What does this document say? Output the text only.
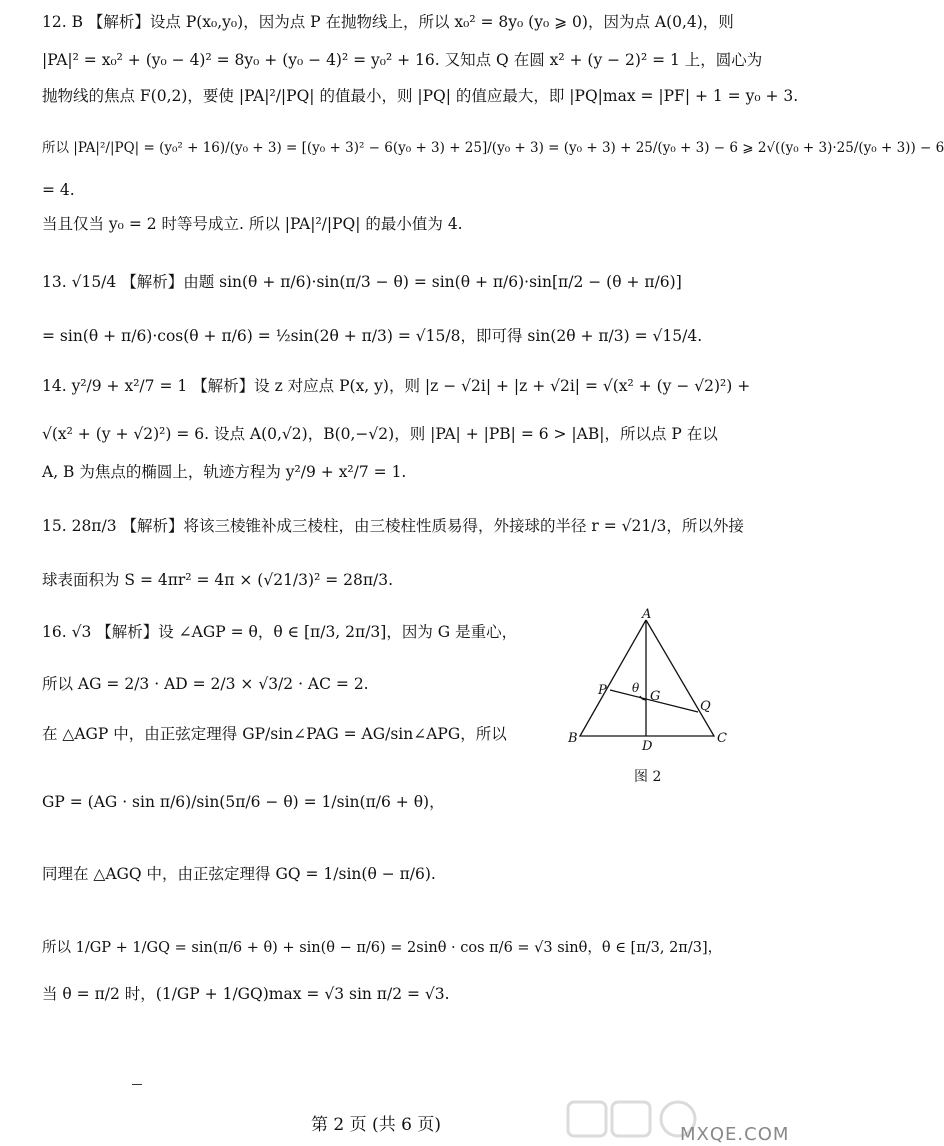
12. B 【解析】设点 P(x₀,y₀)，因为点 P 在抛物线上，所以 x₀² = 8y₀ (y₀ ⩾ 0)，因为点 A(0,4)，则
|PA|² = x₀² + (y₀ − 4)² = 8y₀ + (y₀ − 4)² = y₀² + 16. 又知点 Q 在圆 x² + (y − 2)² = 1 上，圆心为
抛物线的焦点 F(0,2)，要使 |PA|²/|PQ| 的值最小，则 |PQ| 的值应最大，即 |PQ|max = |PF| + 1 = y₀ + 3.
所以 |PA|²/|PQ| = (y₀² + 16)/(y₀ + 3) = [(y₀ + 3)² − 6(y₀ + 3) + 25]/(y₀ + 3) = (y₀ + 3) + 25/(y₀ + 3) − 6 ⩾ 2√((y₀ + 3)·25/(y₀ + 3)) − 6
= 4.
当且仅当 y₀ = 2 时等号成立. 所以 |PA|²/|PQ| 的最小值为 4.
13. √15/4 【解析】由题 sin(θ + π/6)·sin(π/3 − θ) = sin(θ + π/6)·sin[π/2 − (θ + π/6)]
= sin(θ + π/6)·cos(θ + π/6) = ½sin(2θ + π/3) = √15/8，即可得 sin(2θ + π/3) = √15/4.
14. y²/9 + x²/7 = 1 【解析】设 z 对应点 P(x, y)，则 |z − √2i| + |z + √2i| = √(x² + (y − √2)²) +
√(x² + (y + √2)²) = 6. 设点 A(0,√2)，B(0,−√2)，则 |PA| + |PB| = 6 > |AB|，所以点 P 在以
A, B 为焦点的椭圆上，轨迹方程为 y²/9 + x²/7 = 1.
15. 28π/3 【解析】将该三棱锥补成三棱柱，由三棱柱性质易得，外接球的半径 r = √21/3，所以外接
球表面积为 S = 4πr² = 4π × (√21/3)² = 28π/3.
16. √3 【解析】设 ∠AGP = θ，θ ∈ [π/3, 2π/3]，因为 G 是重心，
所以 AG = 2/3 · AD = 2/3 × √3/2 · AC = 2.
在 △AGP 中，由正弦定理得 GP/sin∠PAG = AG/sin∠APG，所以
GP = (AG · sin π/6)/sin(5π/6 − θ) = 1/sin(π/6 + θ)，
同理在 △AGQ 中，由正弦定理得 GQ = 1/sin(θ − π/6).
所以 1/GP + 1/GQ = sin(π/6 + θ) + sin(θ − π/6) = 2sinθ · cos π/6 = √3 sinθ，θ ∈ [π/3, 2π/3]，
当 θ = π/2 时，(1/GP + 1/GQ)max = √3 sin π/2 = √3.
A
B	C
D
P
Q
G
θ
图 2
第 2 页 (共 6 页)	MXQE.COM
